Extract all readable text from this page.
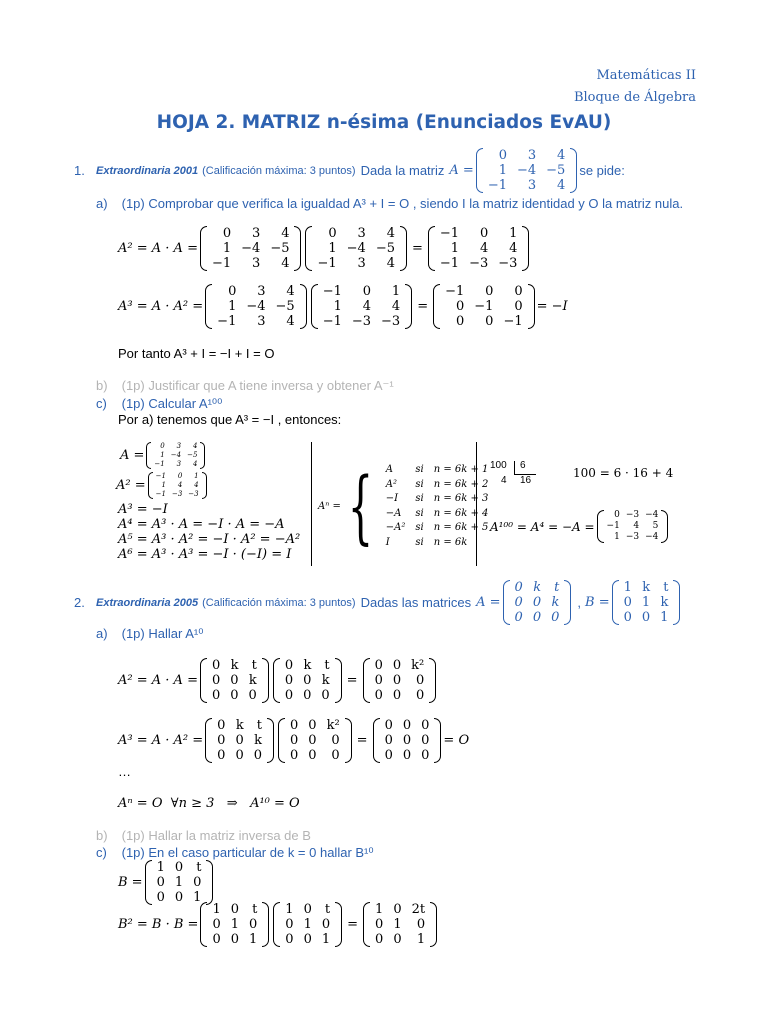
Matemáticas II
Bloque de Álgebra
HOJA 2. MATRIZ n-ésima (Enunciados EvAU)
1.	Extraordinaria 2001 (Calificación máxima: 3 puntos) Dada la matriz A =
0	3	4
1	−4	−5
−1	3	4
se pide:
a) (1p) Comprobar que verifica la igualdad A³ + I = O , siendo I la matriz identidad y O la matriz nula.
A² = A · A =
0	3	4
1	−4	−5
−1	3	4
0	3	4
1	−4	−5
−1	3	4
=
−1	0	1
1	4	4
−1	−3	−3
A³ = A · A² =
0	3	4
1	−4	−5
−1	3	4
−1	0	1
1	4	4
−1	−3	−3
=
−1	0	0
0	−1	0
0	0	−1
= −I
Por tanto A³ + I = −I + I = O
b) (1p) Justificar que A tiene inversa y obtener A⁻¹
c) (1p) Calcular A¹⁰⁰
Por a) tenemos que A³ = −I , entonces:
A =
0	3	4
1	−4	−5
−1	3	4
A² =
−1	0	1
1	4	4
−1	−3	−3
A³ = −I
A⁴ = A³ · A = −I · A = −A
A⁵ = A³ · A² = −I · A² = −A²
A⁶ = A³ · A³ = −I · (−I) = I
Aⁿ = { A	si	n = 6k + 1
A²	si	n = 6k + 2
−I	si	n = 6k + 3
−A	si	n = 6k + 4
−A²	si	n = 6k + 5
I	si	n = 6k
100 6
4 16
100 = 6 · 16 + 4
A¹⁰⁰ = A⁴ = −A =
0	−3	−4
−1	4	5
1	−3	−4
2.	Extraordinaria 2005 (Calificación máxima: 3 puntos) Dadas las matrices A =
0	k	t
0	0	k
0	0	0
, B =
1	k	t
0	1	k
0	0	1
a) (1p) Hallar A¹⁰
A² = A · A =
0	k	t
0	0	k
0	0	0
0	k	t
0	0	k
0	0	0
=
0	0	k²
0	0	0
0	0	0
A³ = A · A² =
0	k	t
0	0	k
0	0	0
0	0	k²
0	0	0
0	0	0
=
0	0	0
0	0	0
0	0	0
= O
…
Aⁿ = O  ∀n ≥ 3   ⇒   A¹⁰ = O
b) (1p) Hallar la matriz inversa de B
c) (1p) En el caso particular de k = 0 hallar B¹⁰
B =
1	0	t
0	1	0
0	0	1
B² = B · B =
1	0	t
0	1	0
0	0	1
1	0	t
0	1	0
0	0	1
=
1	0	2t
0	1	0
0	0	1
